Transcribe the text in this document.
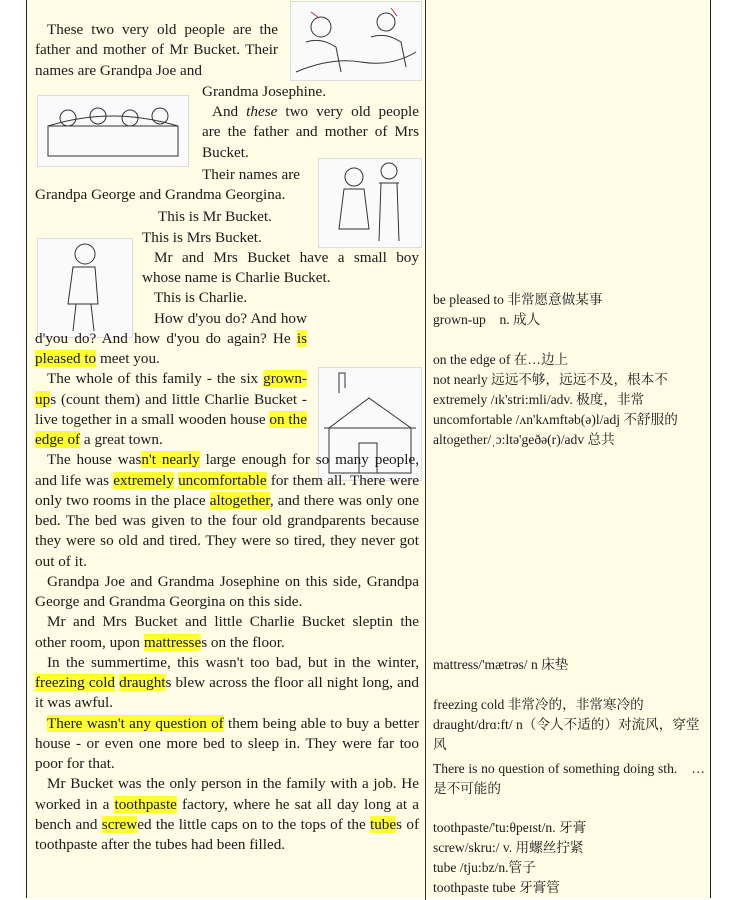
These two very old people are the father and mother of Mr Bucket. Their names are Grandpa Joe and

Grandma Josephine.

And these two very old people are the father and mother of Mrs Bucket.

Their names are Grandpa George and Grandma Georgina.

This is Mr Bucket.

This is Mrs Bucket.

Mr and Mrs Bucket have a small boy whose name is Charlie Bucket.

This is Charlie.

How d'you do? And how d'you do? And how d'you do again? He is pleased to meet you.

The whole of this family - the six grown-ups (count them) and little Charlie Bucket - live together in a small wooden house on the edge of a great town.

The house wasn't nearly large enough for so many people, and life was extremely uncomfortable for them all. There were only two rooms in the place altogether, and there was only one bed. The bed was given to the four old grandparents because they were so old and tired. They were so tired, they never got out of it.

Grandpa Joe and Grandma Josephine on this side, Grandpa George and Grandma Georgina on this side.

Mr and Mrs Bucket and little Charlie Bucket sleptin the other room, upon mattresses on the floor.

In the summertime, this wasn't too bad, but in the winter, freezing cold draughts blew across the floor all night long, and it was awful.

There wasn't any question of them being able to buy a better house - or even one more bed to sleep in. They were far too poor for that.

Mr Bucket was the only person in the family with a job. He worked in a toothpaste factory, where he sat all day long at a bench and screwed the little caps on to the tops of the tubes of toothpaste after the tubes had been filled.

be pleased to 非常愿意做某事

grown-up　n. 成人

on the edge of 在…边上

not nearly 远远不够，远远不及，根本不

extremely /ɪk'stri:mli/adv. 极度，非常

uncomfortable /ʌn'kʌmftəb(ə)l/adj 不舒服的

altogether/ˌɔ:ltə'geðə(r)/adv 总共

mattress/'mætrəs/ n 床垫

freezing cold 非常冷的，非常寒冷的

draught/drɑ:ft/ n（令人不适的）对流风，穿堂风

There is no question of something doing sth.　…是不可能的

toothpaste/'tu:θpeɪst/n. 牙膏

screw/skru:/ v. 用螺丝拧紧

tube /tju:bz/n.管子

toothpaste tube 牙膏管
